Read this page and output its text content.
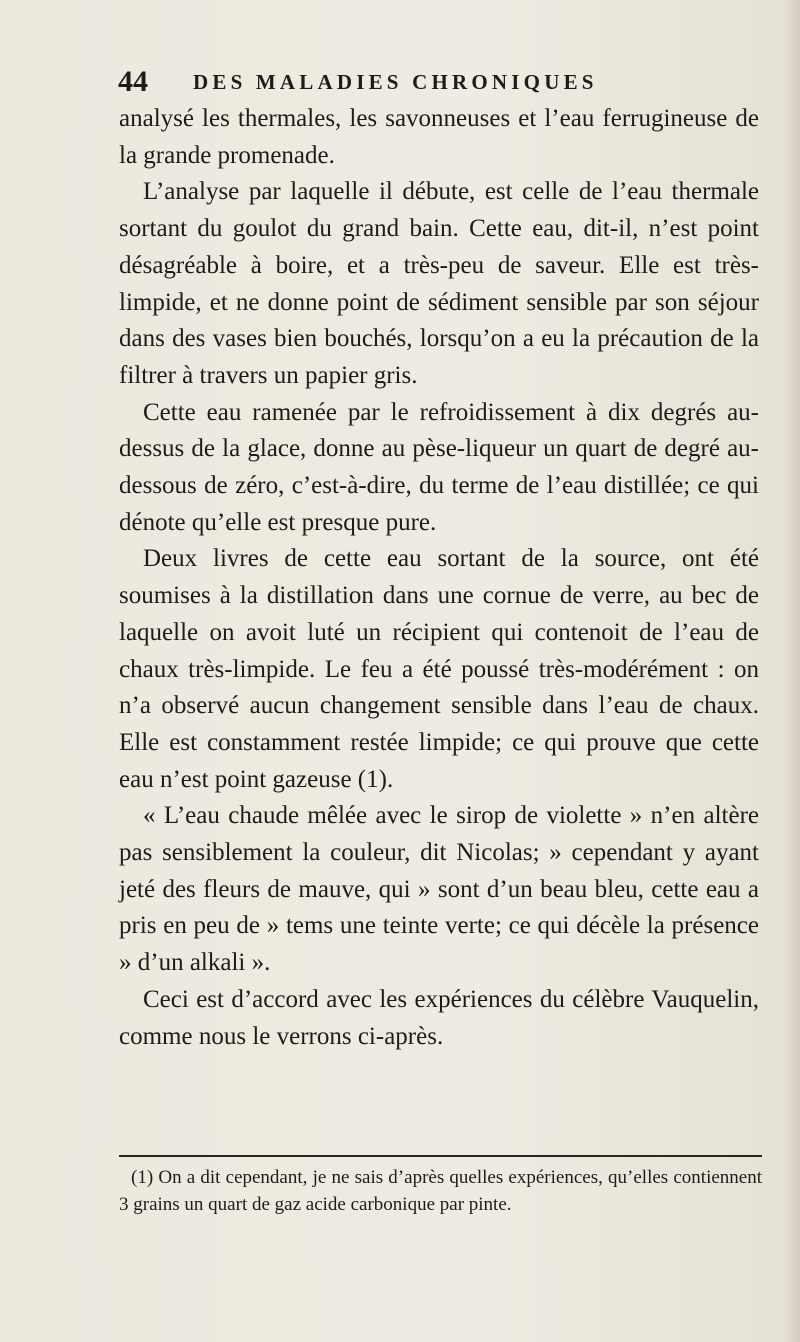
44 DES MALADIES CHRONIQUES

analysé les thermales, les savonneuses et l’eau ferrugineuse de la grande promenade.

L’analyse par laquelle il débute, est celle de l’eau thermale sortant du goulot du grand bain. Cette eau, dit-il, n’est point désagréable à boire, et a très-peu de saveur. Elle est très-limpide, et ne donne point de sédiment sensible par son séjour dans des vases bien bouchés, lorsqu’on a eu la précaution de la filtrer à travers un papier gris.

Cette eau ramenée par le refroidissement à dix degrés au-dessus de la glace, donne au pèse-liqueur un quart de degré au-dessous de zéro, c’est-à-dire, du terme de l’eau distillée; ce qui dénote qu’elle est presque pure.

Deux livres de cette eau sortant de la source, ont été soumises à la distillation dans une cornue de verre, au bec de laquelle on avoit luté un récipient qui contenoit de l’eau de chaux très-limpide. Le feu a été poussé très-modérément : on n’a observé aucun changement sensible dans l’eau de chaux. Elle est constamment restée limpide; ce qui prouve que cette eau n’est point gazeuse (1).

« L’eau chaude mêlée avec le sirop de violette » n’en altère pas sensiblement la couleur, dit Nicolas; » cependant y ayant jeté des fleurs de mauve, qui » sont d’un beau bleu, cette eau a pris en peu de » tems une teinte verte; ce qui décèle la présence » d’un alkali ».

Ceci est d’accord avec les expériences du célèbre Vauquelin, comme nous le verrons ci-après.

(1) On a dit cependant, je ne sais d’après quelles expériences, qu’elles contiennent 3 grains un quart de gaz acide carbonique par pinte.
